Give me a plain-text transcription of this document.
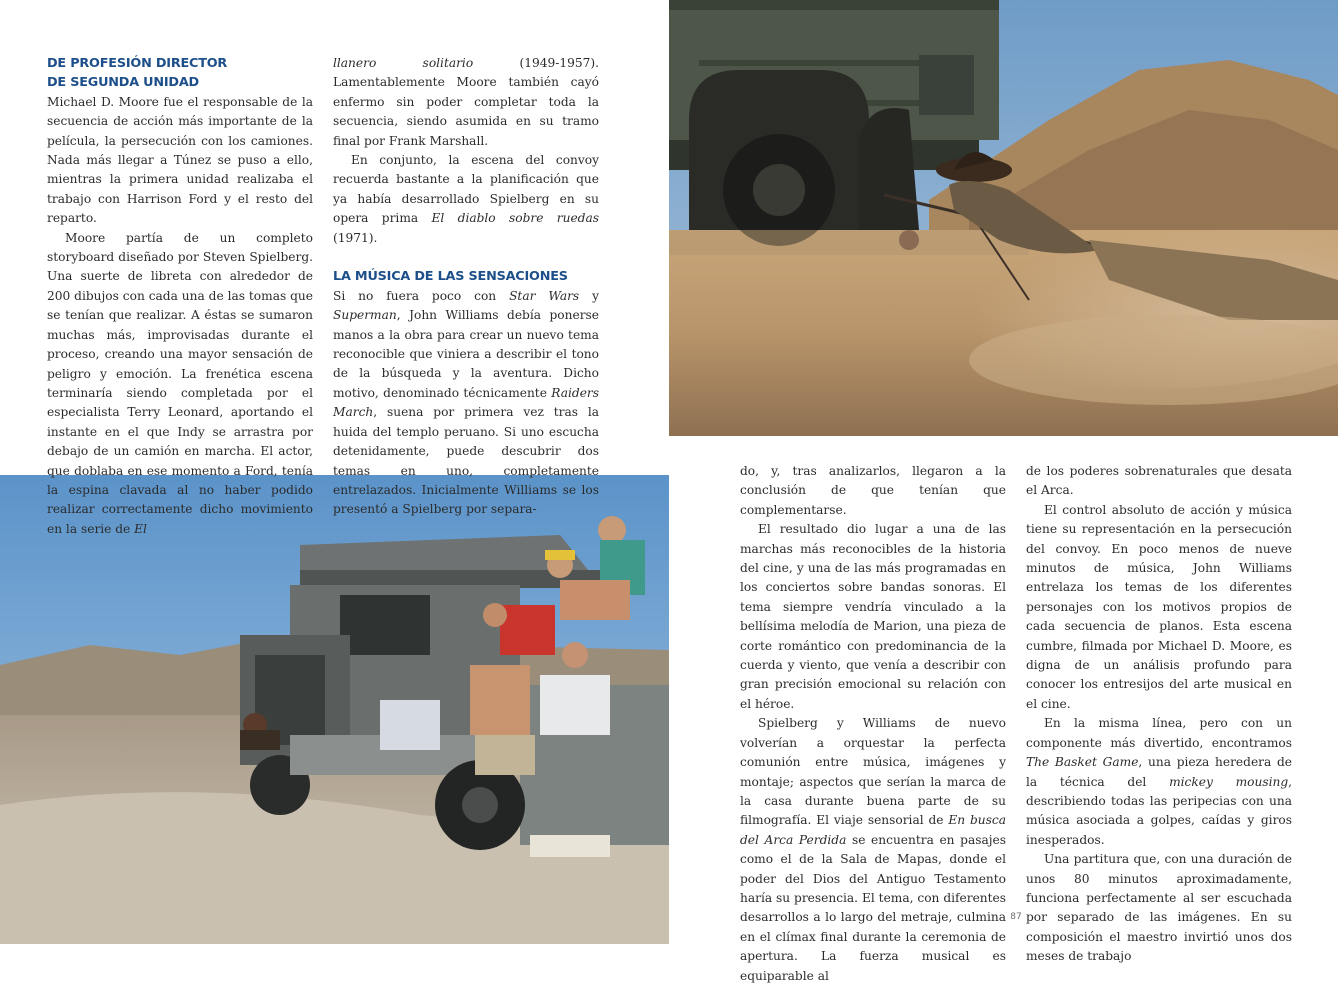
DE PROFESIÓN DIRECTOR
DE SEGUNDA UNIDAD

Michael D. Moore fue el responsable de la secuencia de acción más importante de la película, la persecución con los camiones. Nada más llegar a Túnez se puso a ello, mientras la primera unidad realizaba el trabajo con Harrison Ford y el resto del reparto.

Moore partía de un completo storyboard diseñado por Steven Spielberg. Una suerte de libreta con alrededor de 200 dibujos con cada una de las tomas que se tenían que realizar. A éstas se sumaron muchas más, improvisadas durante el proceso, creando una mayor sensación de peligro y emoción. La frenética escena terminaría siendo completada por el especialista Terry Leonard, aportando el instante en el que Indy se arrastra por debajo de un camión en marcha. El actor, que doblaba en ese momento a Ford, tenía la espina clavada al no haber podido realizar correctamente dicho movimiento en la serie de El

llanero solitario (1949-1957). Lamentablemente Moore también cayó enfermo sin poder completar toda la secuencia, siendo asumida en su tramo final por Frank Marshall.

En conjunto, la escena del convoy recuerda bastante a la planificación que ya había desarrollado Spielberg en su opera prima El diablo sobre ruedas (1971).

LA MÚSICA DE LAS SENSACIONES

Si no fuera poco con Star Wars y Superman, John Williams debía ponerse manos a la obra para crear un nuevo tema reconocible que viniera a describir el tono de la búsqueda y la aventura. Dicho motivo, denominado técnicamente Raiders March, suena por primera vez tras la huida del templo peruano. Si uno escucha detenidamente, puede descubrir dos temas en uno, completamente entrelazados. Inicialmente Williams se los presentó a Spielberg por separa-

do, y, tras analizarlos, llegaron a la conclusión de que tenían que complementarse.

El resultado dio lugar a una de las marchas más reconocibles de la historia del cine, y una de las más programadas en los conciertos sobre bandas sonoras. El tema siempre vendría vinculado a la bellísima melodía de Marion, una pieza de corte romántico con predominancia de la cuerda y viento, que venía a describir con gran precisión emocional su relación con el héroe.

Spielberg y Williams de nuevo volverían a orquestar la perfecta comunión entre música, imágenes y montaje; aspectos que serían la marca de la casa durante buena parte de su filmografía. El viaje sensorial de En busca del Arca Perdida se encuentra en pasajes como el de la Sala de Mapas, donde el poder del Dios del Antiguo Testamento haría su presencia. El tema, con diferentes desarrollos a lo largo del metraje, culmina en el clímax final durante la ceremonia de apertura. La fuerza musical es equiparable al

de los poderes sobrenaturales que desata el Arca.

El control absoluto de acción y música tiene su representación en la persecución del convoy. En poco menos de nueve minutos de música, John Williams entrelaza los temas de los diferentes personajes con los motivos propios de cada secuencia de planos. Esta escena cumbre, filmada por Michael D. Moore, es digna de un análisis profundo para conocer los entresijos del arte musical en el cine.

En la misma línea, pero con un componente más divertido, encontramos The Basket Game, una pieza heredera de la técnica del mickey mousing, describiendo todas las peripecias con una música asociada a golpes, caídas y giros inesperados.

Una partitura que, con una duración de unos 80 minutos aproximadamente, funciona perfectamente al ser escuchada por separado de las imágenes. En su composición el maestro invirtió unos dos meses de trabajo

87
